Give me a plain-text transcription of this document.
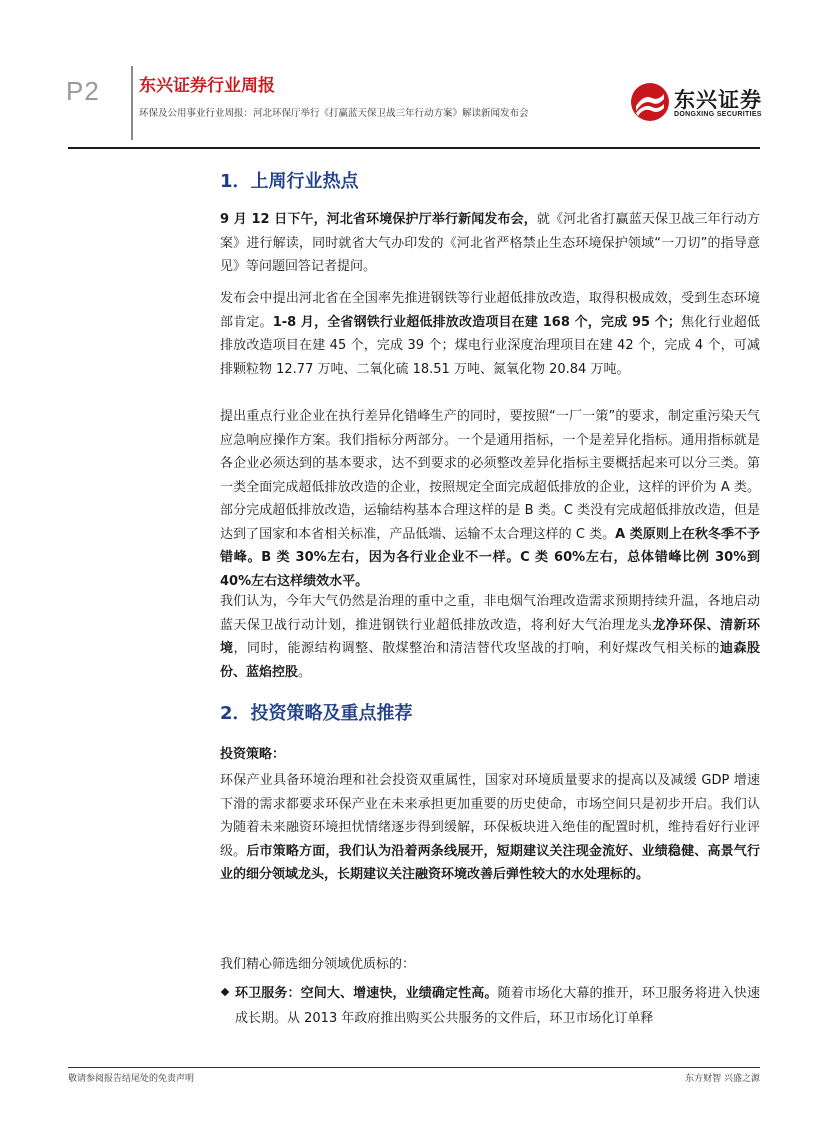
P2 东兴证券行业周报
环保及公用事业行业周报：河北环保厅举行《打赢蓝天保卫战三年行动方案》解读新闻发布会
东兴证券
DONGXING SECURITIES
1．上周行业热点
9 月 12 日下午，河北省环境保护厅举行新闻发布会，就《河北省打赢蓝天保卫战三年行动方案》进行解读，同时就省大气办印发的《河北省严格禁止生态环境保护领域“一刀切”的指导意见》等问题回答记者提问。
发布会中提出河北省在全国率先推进钢铁等行业超低排放改造，取得积极成效，受到生态环境部肯定。1-8 月，全省钢铁行业超低排放改造项目在建 168 个，完成 95 个；焦化行业超低排放改造项目在建 45 个，完成 39 个；煤电行业深度治理项目在建 42 个，完成 4 个，可减排颗粒物 12.77 万吨、二氧化硫 18.51 万吨、氮氧化物 20.84 万吨。
提出重点行业企业在执行差异化错峰生产的同时，要按照“一厂一策”的要求，制定重污染天气应急响应操作方案。我们指标分两部分。一个是通用指标，一个是差异化指标。通用指标就是各企业必须达到的基本要求，达不到要求的必须整改差异化指标主要概括起来可以分三类。第一类全面完成超低排放改造的企业，按照规定全面完成超低排放的企业，这样的评价为 A 类。部分完成超低排放改造，运输结构基本合理这样的是 B 类。C 类没有完成超低排放改造，但是达到了国家和本省相关标准，产品低端、运输不太合理这样的 C 类。A 类原则上在秋冬季不予错峰。B 类 30%左右，因为各行业企业不一样。C 类 60%左右，总体错峰比例 30%到 40%左右这样绩效水平。
我们认为，今年大气仍然是治理的重中之重，非电烟气治理改造需求预期持续升温，各地启动蓝天保卫战行动计划，推进钢铁行业超低排放改造，将利好大气治理龙头龙净环保、清新环境，同时，能源结构调整、散煤整治和清洁替代攻坚战的打响，利好煤改气相关标的迪森股份、蓝焰控股。
2．投资策略及重点推荐
投资策略：
环保产业具备环境治理和社会投资双重属性，国家对环境质量要求的提高以及减缓 GDP 增速下滑的需求都要求环保产业在未来承担更加重要的历史使命，市场空间只是初步开启。我们认为随着未来融资环境担忧情绪逐步得到缓解，环保板块进入绝佳的配置时机，维持看好行业评级。后市策略方面，我们认为沿着两条线展开，短期建议关注现金流好、业绩稳健、高景气行业的细分领域龙头，长期建议关注融资环境改善后弹性较大的水处理标的。
我们精心筛选细分领域优质标的：
环卫服务：空间大、增速快，业绩确定性高。随着市场化大幕的推开，环卫服务将进入快速成长期。从 2013 年政府推出购买公共服务的文件后，环卫市场化订单释
敬请参阅报告结尾处的免责声明	东方财智 兴盛之源
